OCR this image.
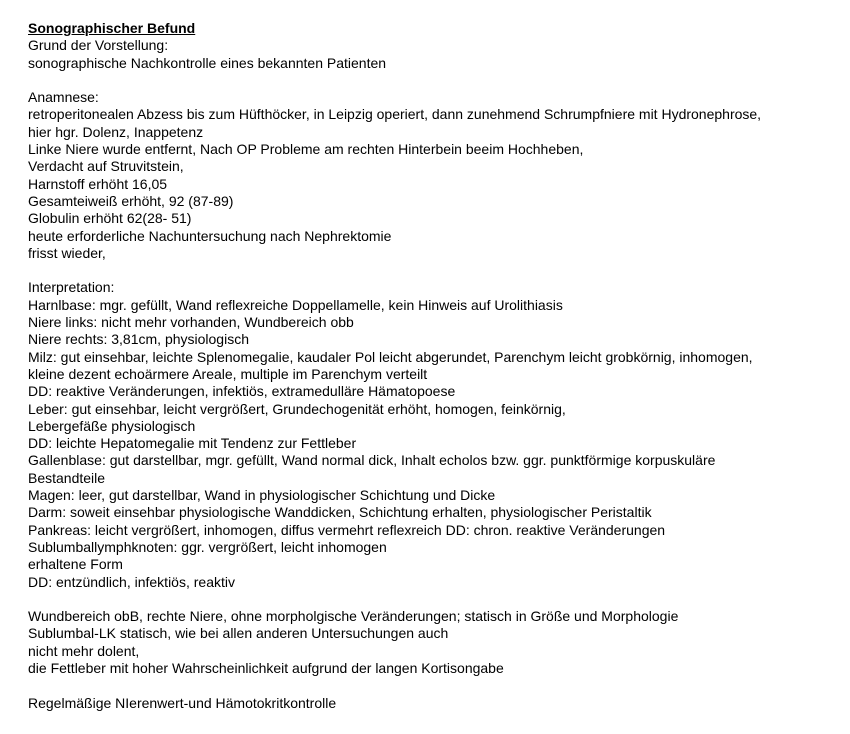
Sonographischer Befund
Grund der Vorstellung:
sonographische Nachkontrolle eines bekannten Patienten
Anamnese:
retroperitonealen Abzess bis zum Hüfthöcker, in Leipzig operiert, dann zunehmend Schrumpfniere mit Hydronephrose,
hier hgr. Dolenz, Inappetenz
Linke Niere wurde entfernt, Nach OP Probleme am rechten Hinterbein beeim Hochheben,
Verdacht auf Struvitstein,
Harnstoff erhöht 16,05
Gesamteiweiß erhöht, 92 (87-89)
Globulin erhöht 62(28- 51)
heute erforderliche Nachuntersuchung nach Nephrektomie
frisst wieder,
Interpretation:
Harnlbase: mgr. gefüllt, Wand reflexreiche Doppellamelle, kein Hinweis auf Urolithiasis
Niere links: nicht mehr vorhanden, Wundbereich obb
Niere rechts: 3,81cm, physiologisch
Milz: gut einsehbar, leichte Splenomegalie, kaudaler Pol leicht abgerundet, Parenchym leicht grobkörnig, inhomogen,
kleine dezent echoärmere Areale, multiple im Parenchym verteilt
DD: reaktive Veränderungen, infektiös, extramedulläre Hämatopoese
Leber: gut einsehbar, leicht vergrößert, Grundechogenität erhöht, homogen, feinkörnig,
Lebergefäße physiologisch
DD: leichte Hepatomegalie mit Tendenz zur Fettleber
Gallenblase: gut darstellbar, mgr. gefüllt, Wand normal dick, Inhalt echolos bzw. ggr. punktförmige korpuskuläre
Bestandteile
Magen: leer, gut darstellbar, Wand in physiologischer Schichtung und Dicke
Darm: soweit einsehbar physiologische Wanddicken, Schichtung erhalten, physiologischer Peristaltik
Pankreas: leicht vergrößert, inhomogen, diffus vermehrt reflexreich DD: chron. reaktive Veränderungen
Sublumballymphknoten: ggr. vergrößert, leicht inhomogen
erhaltene Form
DD: entzündlich, infektiös, reaktiv
Wundbereich obB, rechte Niere, ohne morpholgische Veränderungen; statisch in Größe und Morphologie
Sublumbal-LK statisch, wie bei allen anderen Untersuchungen auch
nicht mehr dolent,
die Fettleber mit hoher Wahrscheinlichkeit aufgrund der langen Kortisongabe
Regelmäßige NIerenwert-und Hämotokritkontrolle
